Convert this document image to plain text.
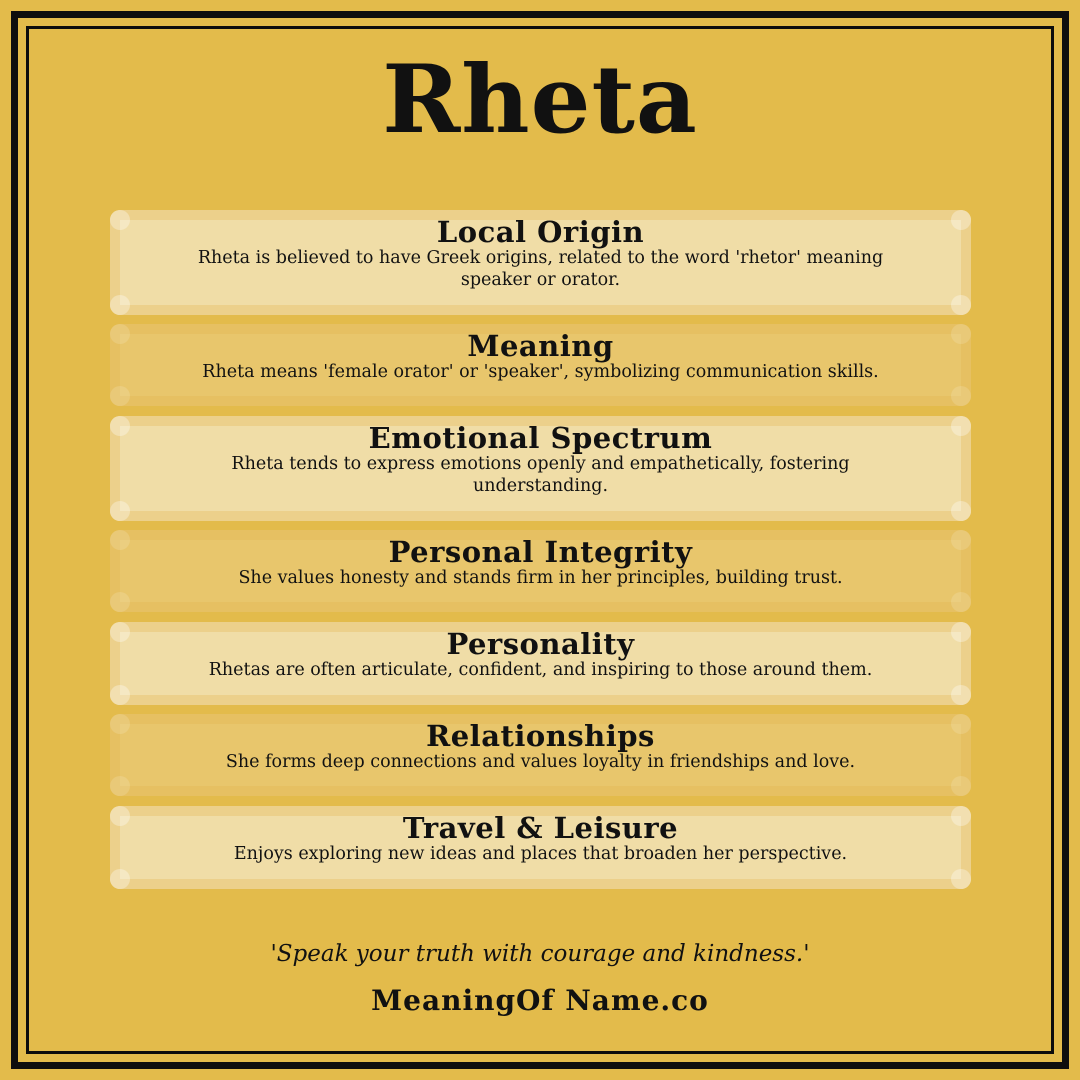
Rheta
Local Origin
Rheta is believed to have Greek origins, related to the word 'rhetor' meaning speaker or orator.
Meaning
Rheta means 'female orator' or 'speaker', symbolizing communication skills.
Emotional Spectrum
Rheta tends to express emotions openly and empathetically, fostering understanding.
Personal Integrity
She values honesty and stands firm in her principles, building trust.
Personality
Rhetas are often articulate, confident, and inspiring to those around them.
Relationships
She forms deep connections and values loyalty in friendships and love.
Travel & Leisure
Enjoys exploring new ideas and places that broaden her perspective.
'Speak your truth with courage and kindness.'
MeaningOf Name.co
